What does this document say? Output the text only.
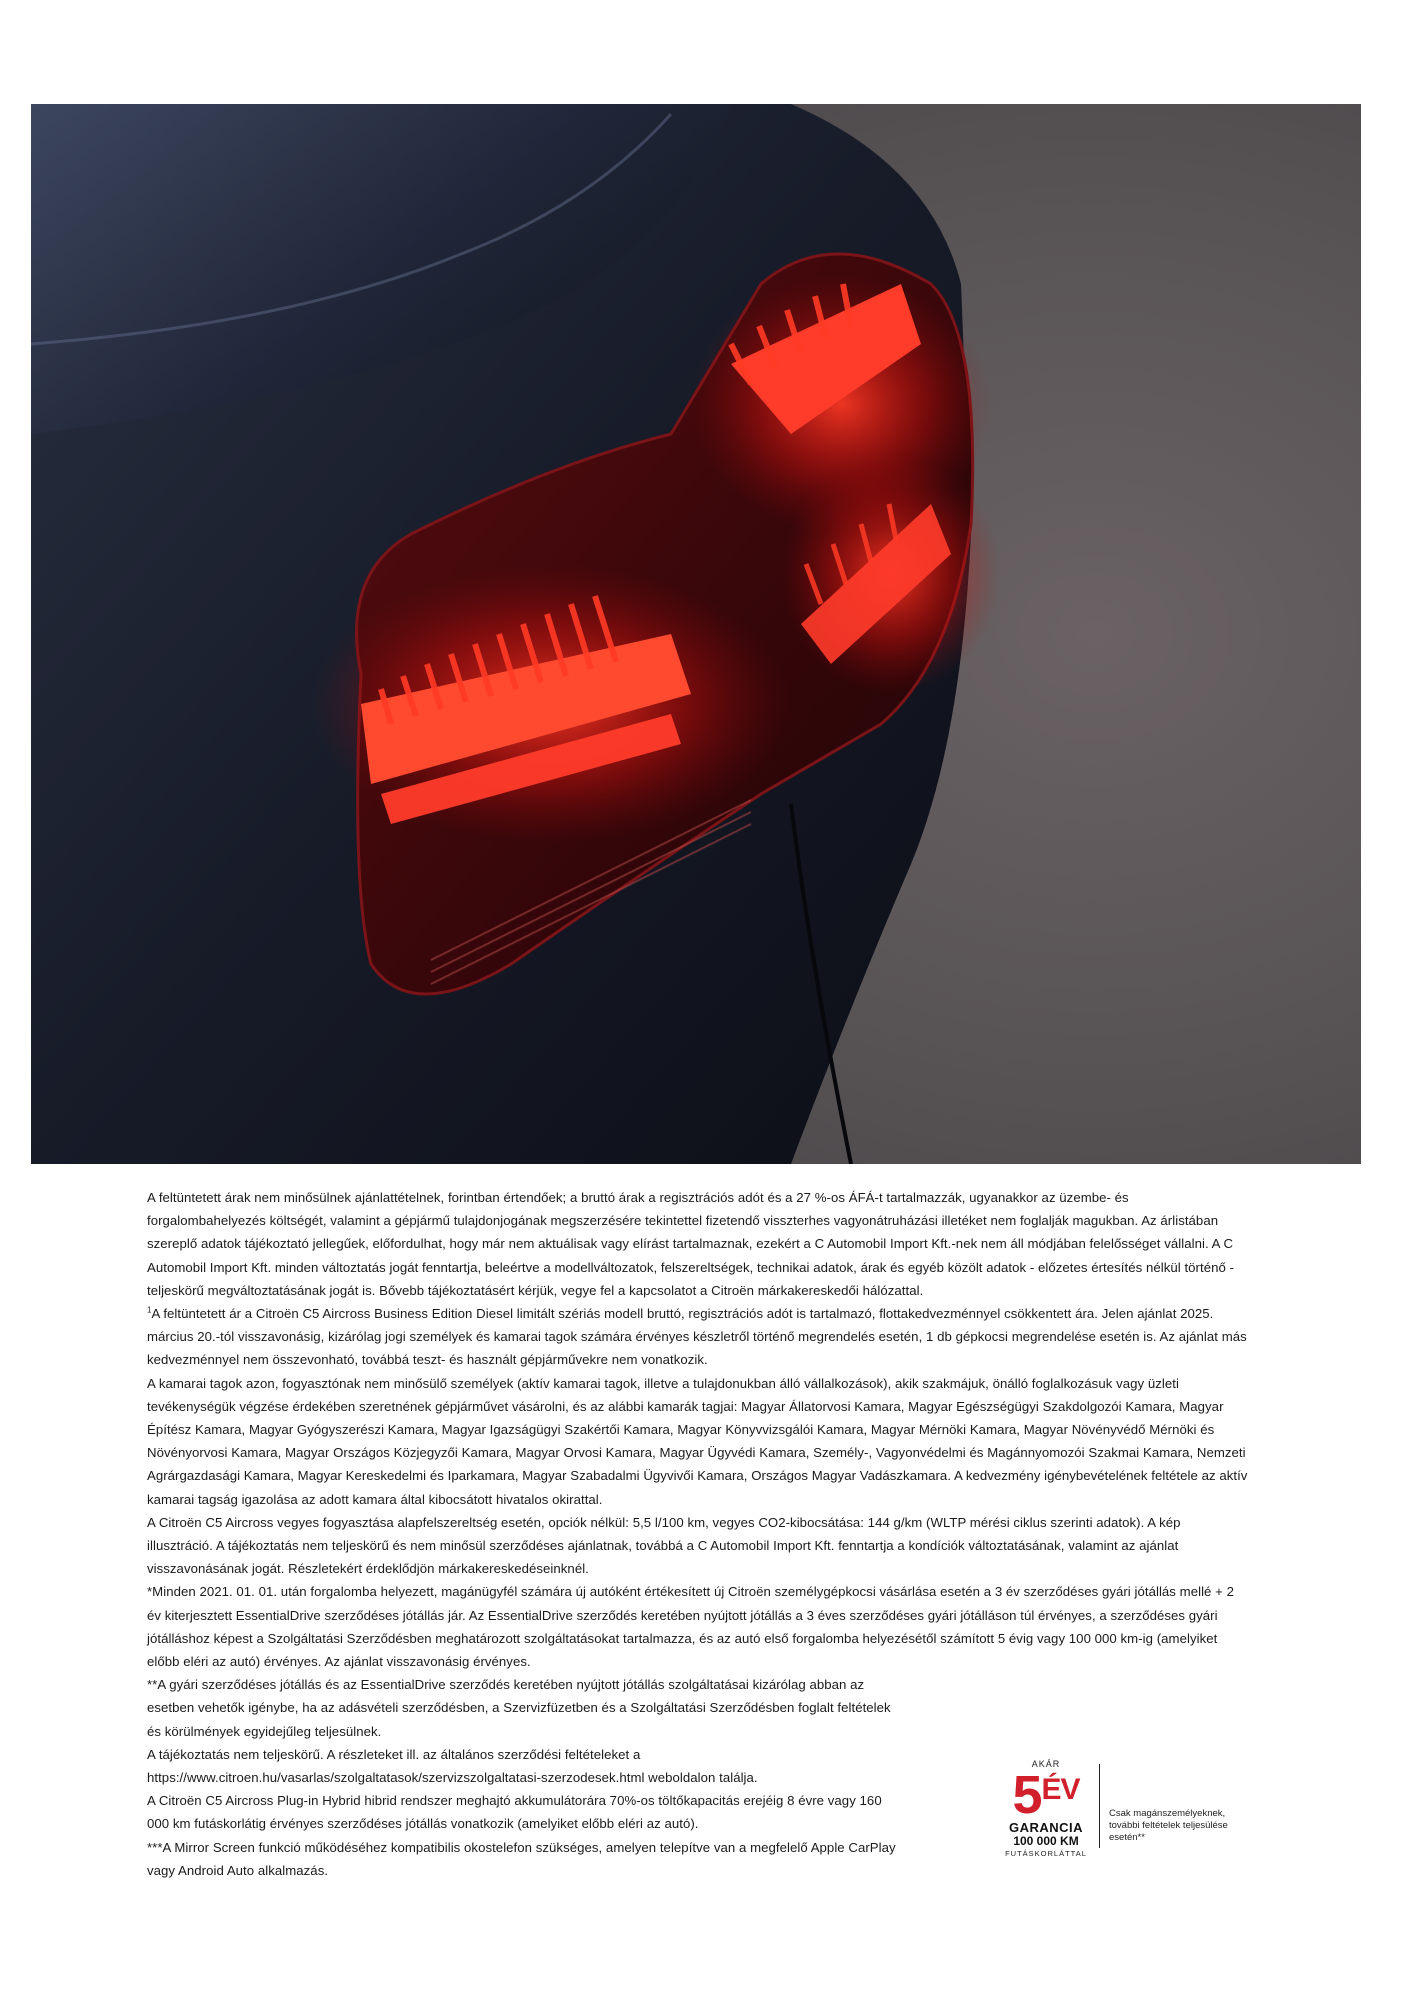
A feltüntetett árak nem minősülnek ajánlattételnek, forintban értendőek; a bruttó árak a regisztrációs adót és a 27 %-os ÁFÁ-t tartalmazzák, ugyanakkor az üzembe- és forgalombahelyezés költségét, valamint a gépjármű tulajdonjogának megszerzésére tekintettel fizetendő visszterhes vagyonátruházási illetéket nem foglalják magukban. Az árlistában szereplő adatok tájékoztató jellegűek, előfordulhat, hogy már nem aktuálisak vagy elírást tartalmaznak, ezekért a C Automobil Import Kft.-nek nem áll módjában felelősséget vállalni. A C Automobil Import Kft. minden változtatás jogát fenntartja, beleértve a modellváltozatok, felszereltségek, technikai adatok, árak és egyéb közölt adatok - előzetes értesítés nélkül történő - teljeskörű megváltoztatásának jogát is. Bővebb tájékoztatásért kérjük, vegye fel a kapcsolatot a Citroën márkakereskedői hálózattal.

$^1$A feltüntetett ár a Citroën C5 Aircross Business Edition Diesel limitált szériás modell bruttó, regisztrációs adót is tartalmazó, flottakedvezménnyel csökkentett ára. Jelen ajánlat 2025. március 20.-tól visszavonásig, kizárólag jogi személyek és kamarai tagok számára érvényes készletről történő megrendelés esetén, 1 db gépkocsi megrendelése esetén is. Az ajánlat más kedvezménnyel nem összevonható, továbbá teszt- és használt gépjárművekre nem vonatkozik.

A kamarai tagok azon, fogyasztónak nem minősülő személyek (aktív kamarai tagok, illetve a tulajdonukban álló vállalkozások), akik szakmájuk, önálló foglalkozásuk vagy üzleti tevékenységük végzése érdekében szeretnének gépjárművet vásárolni, és az alábbi kamarák tagjai: Magyar Állatorvosi Kamara, Magyar Egészségügyi Szakdolgozói Kamara, Magyar Építész Kamara, Magyar Gyógyszerészi Kamara, Magyar Igazságügyi Szakértői Kamara, Magyar Könyvvizsgálói Kamara, Magyar Mérnöki Kamara, Magyar Növényvédő Mérnöki és Növényorvosi Kamara, Magyar Országos Közjegyzői Kamara, Magyar Orvosi Kamara, Magyar Ügyvédi Kamara, Személy-, Vagyonvédelmi és Magánnyomozói Szakmai Kamara, Nemzeti Agrárgazdasági Kamara, Magyar Kereskedelmi és Iparkamara, Magyar Szabadalmi Ügyvivői Kamara, Országos Magyar Vadászkamara. A kedvezmény igénybevételének feltétele az aktív kamarai tagság igazolása az adott kamara által kibocsátott hivatalos okirattal.

A Citroën C5 Aircross vegyes fogyasztása alapfelszereltség esetén, opciók nélkül: 5,5 l/100 km, vegyes CO2-kibocsátása: 144 g/km (WLTP mérési ciklus szerinti adatok). A kép illusztráció. A tájékoztatás nem teljeskörű és nem minősül szerződéses ajánlatnak, továbbá a C Automobil Import Kft. fenntartja a kondíciók változtatásának, valamint az ajánlat visszavonásának jogát. Részletekért érdeklődjön márkakereskedéseinknél.

*Minden 2021. 01. 01. után forgalomba helyezett, magánügyfél számára új autóként értékesített új Citroën személygépkocsi vásárlása esetén a 3 év szerződéses gyári jótállás mellé + 2 év kiterjesztett EssentialDrive szerződéses jótállás jár. Az EssentialDrive szerződés keretében nyújtott jótállás a 3 éves szerződéses gyári jótálláson túl érvényes, a szerződéses gyári jótálláshoz képest a Szolgáltatási Szerződésben meghatározott szolgáltatásokat tartalmazza, és az autó első forgalomba helyezésétől számított 5 évig vagy 100 000 km-ig (amelyiket előbb eléri az autó) érvényes. Az ajánlat visszavonásig érvényes.

**A gyári szerződéses jótállás és az EssentialDrive szerződés keretében nyújtott jótállás szolgáltatásai kizárólag abban az esetben vehetők igénybe, ha az adásvételi szerződésben, a Szervizfüzetben és a Szolgáltatási Szerződésben foglalt feltételek és körülmények egyidejűleg teljesülnek.

A tájékoztatás nem teljeskörű. A részleteket ill. az általános szerződési feltételeket a https://www.citroen.hu/vasarlas/szolgaltatasok/szervizszolgaltatasi-szerzodesek.html weboldalon találja.

A Citroën C5 Aircross Plug-in Hybrid hibrid rendszer meghajtó akkumulátorára 70%-os töltőkapacitás erejéig 8 évre vagy 160 000 km futáskorlátig érvényes szerződéses jótállás vonatkozik (amelyiket előbb eléri az autó).

***A Mirror Screen funkció működéséhez kompatibilis okostelefon szükséges, amelyen telepítve van a megfelelő Apple CarPlay vagy Android Auto alkalmazás.

AKÁR
$5^{ÉV}$
GARANCIA
100 000 KM
FUTÁSKORLÁTTAL
Csak magánszemélyeknek, további feltételek teljesülése esetén**
